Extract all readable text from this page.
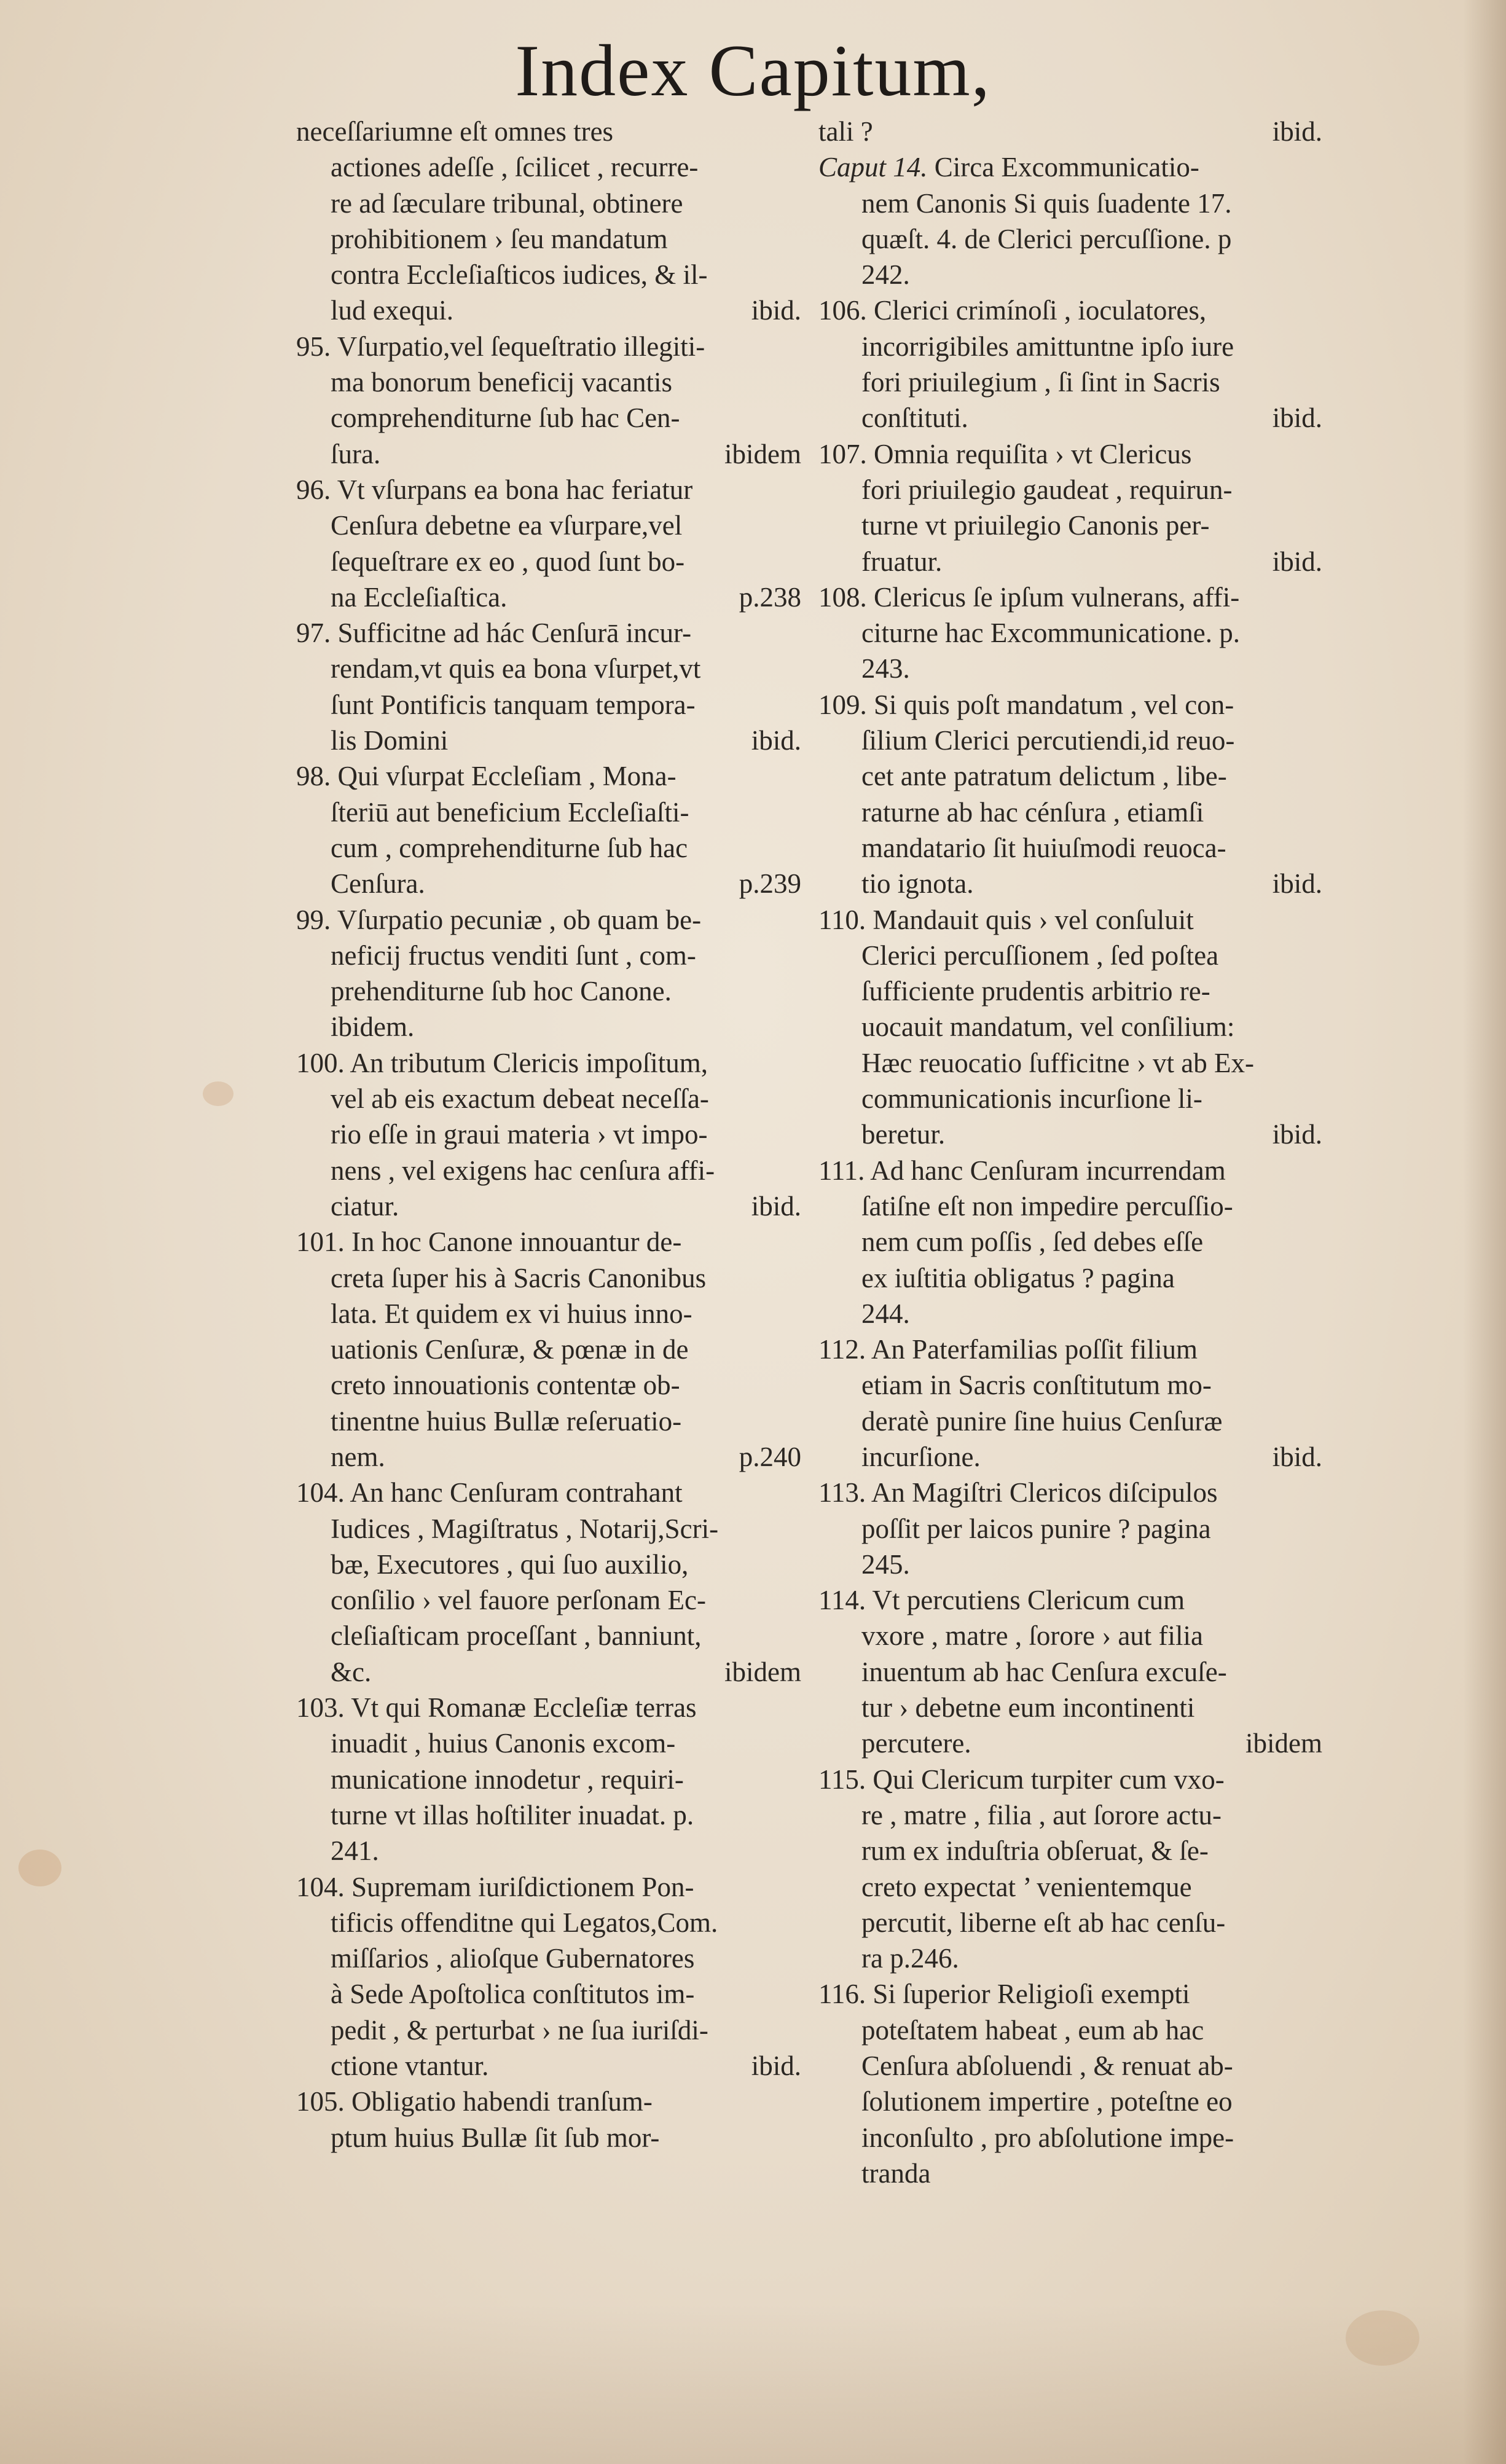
Index Capitum,
neceſſariumne eſt omnes tres
actiones adeſſe , ſcilicet , recurre-
re ad ſæculare tribunal, obtinere
prohibitionem › ſeu mandatum
contra Eccleſiaſticos iudices, & il-
lud exequi.	ibid.
95. Vſurpatio,vel ſequeſtratio illegiti-
ma bonorum beneficij vacantis
comprehenditurne ſub hac Cen-
ſura.	ibidem
96. Vt vſurpans ea bona hac feriatur
Cenſura debetne ea vſurpare,vel
ſequeſtrare ex eo , quod ſunt bo-
na Eccleſiaſtica.	p.238
97. Sufficitne ad hác Cenſurā incur-
rendam,vt quis ea bona vſurpet,vt
ſunt Pontificis tanquam tempora-
lis Domini	ibid.
98. Qui vſurpat Eccleſiam , Mona-
ſteriū aut beneficium Eccleſiaſti-
cum , comprehenditurne ſub hac
Cenſura.	p.239
99. Vſurpatio pecuniæ , ob quam be-
neficij fructus venditi ſunt , com-
prehenditurne ſub hoc Canone.
ibidem.
100. An tributum Clericis impoſitum,
vel ab eis exactum debeat neceſſa-
rio eſſe in graui materia › vt impo-
nens , vel exigens hac cenſura affi-
ciatur.	ibid.
101. In hoc Canone innouantur de-
creta ſuper his à Sacris Canonibus
lata. Et quidem ex vi huius inno-
uationis Cenſuræ, & pœnæ in de
creto innouationis contentæ ob-
tinentne huius Bullæ reſeruatio-
nem.	p.240
104. An hanc Cenſuram contrahant
Iudices , Magiſtratus , Notarij,Scri-
bæ, Executores , qui ſuo auxilio,
conſilio › vel fauore perſonam Ec-
cleſiaſticam proceſſant , banniunt,
&c.	ibidem
103. Vt qui Romanæ Eccleſiæ terras
inuadit , huius Canonis excom-
municatione innodetur , requiri-
turne vt illas hoſtiliter inuadat. p.
241.
104. Supremam iuriſdictionem Pon-
tificis offenditne qui Legatos,Com.
miſſarios , alioſque Gubernatores
à Sede Apoſtolica conſtitutos im-
pedit , & perturbat › ne ſua iuriſdi-
ctione vtantur.	ibid.
105. Obligatio habendi tranſum-
ptum huius Bullæ ſit ſub mor-
tali ?	ibid.
Caput 14. Circa Excommunicatio-
nem Canonis Si quis ſuadente 17.
quæſt. 4. de Clerici percuſſione. p
242.
106. Clerici crimínoſi , ioculatores,
incorrigibiles amittuntne ipſo iure
fori priuilegium , ſi ſint in Sacris
conſtituti.	ibid.
107. Omnia requiſita › vt Clericus
fori priuilegio gaudeat , requirun-
turne vt priuilegio Canonis per-
fruatur.	ibid.
108. Clericus ſe ipſum vulnerans, affi-
citurne hac Excommunicatione. p.
243.
109. Si quis poſt mandatum , vel con-
ſilium Clerici percutiendi,id reuo-
cet ante patratum delictum , libe-
raturne ab hac cénſura , etiamſi
mandatario ſit huiuſmodi reuoca-
tio ignota.	ibid.
110. Mandauit quis › vel conſuluit
Clerici percuſſionem , ſed poſtea
ſufficiente prudentis arbitrio re-
uocauit mandatum, vel conſilium:
Hæc reuocatio ſufficitne › vt ab Ex-
communicationis incurſione li-
beretur.	ibid.
111. Ad hanc Cenſuram incurrendam
ſatiſne eſt non impedire percuſſio-
nem cum poſſis , ſed debes eſſe
ex iuſtitia obligatus ? pagina
244.
112. An Paterfamilias poſſit filium
etiam in Sacris conſtitutum mo-
deratè punire ſine huius Cenſuræ
incurſione.	ibid.
113. An Magiſtri Clericos diſcipulos
poſſit per laicos punire ? pagina
245.
114. Vt percutiens Clericum cum
vxore , matre , ſorore › aut filia
inuentum ab hac Cenſura excuſe-
tur › debetne eum incontinenti
percutere.	ibidem
115. Qui Clericum turpiter cum vxo-
re , matre , filia , aut ſorore actu-
rum ex induſtria obſeruat, & ſe-
creto expectat ’ venientemque
percutit, liberne eſt ab hac cenſu-
ra p.246.
116. Si ſuperior Religioſi exempti
poteſtatem habeat , eum ab hac
Cenſura abſoluendi , & renuat ab-
ſolutionem impertire , poteſtne eo
inconſulto , pro abſolutione impe-
tranda
